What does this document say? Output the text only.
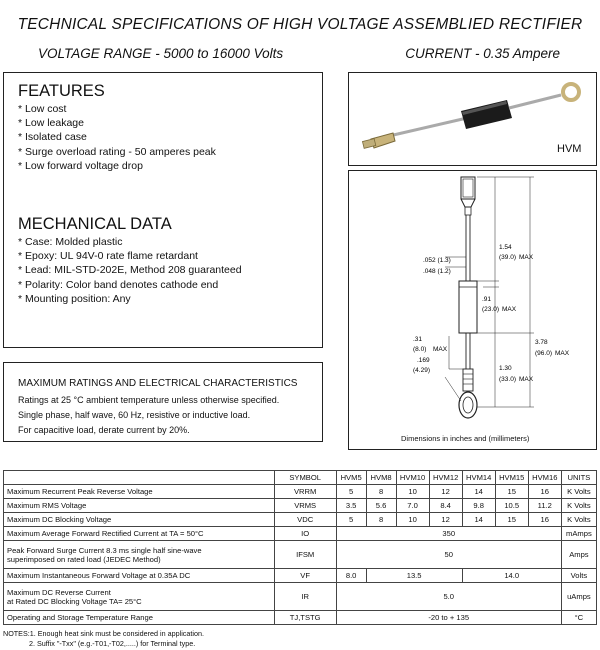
TECHNICAL SPECIFICATIONS OF HIGH VOLTAGE ASSEMBLIED RECTIFIER
VOLTAGE RANGE - 5000 to 16000 Volts	CURRENT - 0.35 Ampere
FEATURES
* Low cost
* Low leakage
* Isolated case
* Surge overload rating - 50 amperes peak
* Low forward voltage drop
MECHANICAL DATA
* Case: Molded plastic
* Epoxy: UL 94V-0 rate flame retardant
* Lead: MIL-STD-202E, Method 208 guaranteed
* Polarity: Color band denotes cathode end
* Mounting position: Any
MAXIMUM RATINGS AND ELECTRICAL CHARACTERISTICS
Ratings at 25 °C ambient temperature unless otherwise specified.
Single phase, half wave, 60 Hz, resistive or inductive load.
For capacitive load, derate current by 20%.
HVM
1.54
(39.0) MAX
.91
(23.0) MAX
3.78
(96.0) MAX
1.30
(33.0) MAX
.052 (1.3)
.048 (1.2)
.31
(8.0) MAX
.169
(4.29)
Dimensions in inches and (millimeters)
	SYMBOL	HVM5	HVM8	HVM10	HVM12	HVM14	HVM15	HVM16	UNITS
Maximum Recurrent Peak Reverse Voltage	VRRM	5	8	10	12	14	15	16	K Volts
Maximum RMS Voltage	VRMS	3.5	5.6	7.0	8.4	9.8	10.5	11.2	K Volts
Maximum DC Blocking Voltage	VDC	5	8	10	12	14	15	16	K Volts
Maximum Average Forward Rectified Current at TA = 50°C	IO	350							mAmps

Peak Forward Surge Current 8.3 ms single half sine-wave
superimposed on rated load (JEDEC Method)	IFSM	50							Amps
Maximum Instantaneous Forward Voltage at 0.35A DC	VF	8.0	13.5			14.0			Volts

Maximum DC Reverse Current
at Rated DC Blocking Voltage TA= 25°C	IR	5.0							uAmps
Operating and Storage Temperature Range	TJ,TSTG	-20 to + 135							°C
NOTES:1. Enough heat sink must be considered in application.
2. Suffix "-Txx" (e.g.-T01,-T02,.....) for Terminal type.
